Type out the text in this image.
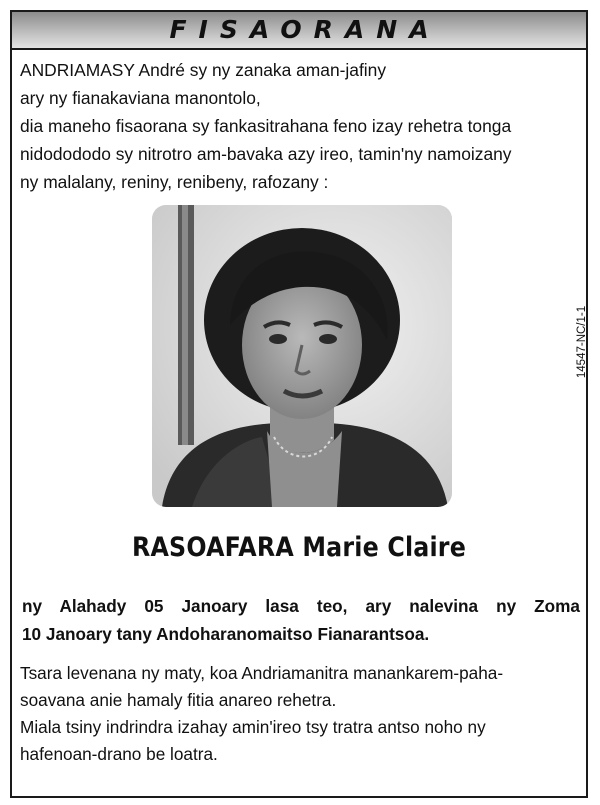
FISAORANA
ANDRIAMASY André sy ny zanaka aman-jafiny
ary ny fianakaviana manontolo,
dia maneho fisaorana sy fankasitrahana feno izay rehetra tonga
nidodododo sy nitrotro am-bavaka azy ireo, tamin'ny namoizany
ny malalany, reniny, renibeny, rafozany :
14547-NC/1-1
RASOAFARA Marie Claire
ny Alahady 05 Janoary lasa teo, ary nalevina ny Zoma
10 Janoary tany Andoharanomaitso Fianarantsoa.
Tsara levenana ny maty, koa Andriamanitra manankarem-paha-
soavana anie hamaly fitia anareo rehetra.
Miala tsiny indrindra izahay amin'ireo tsy tratra antso noho ny
hafenoan-drano be loatra.
